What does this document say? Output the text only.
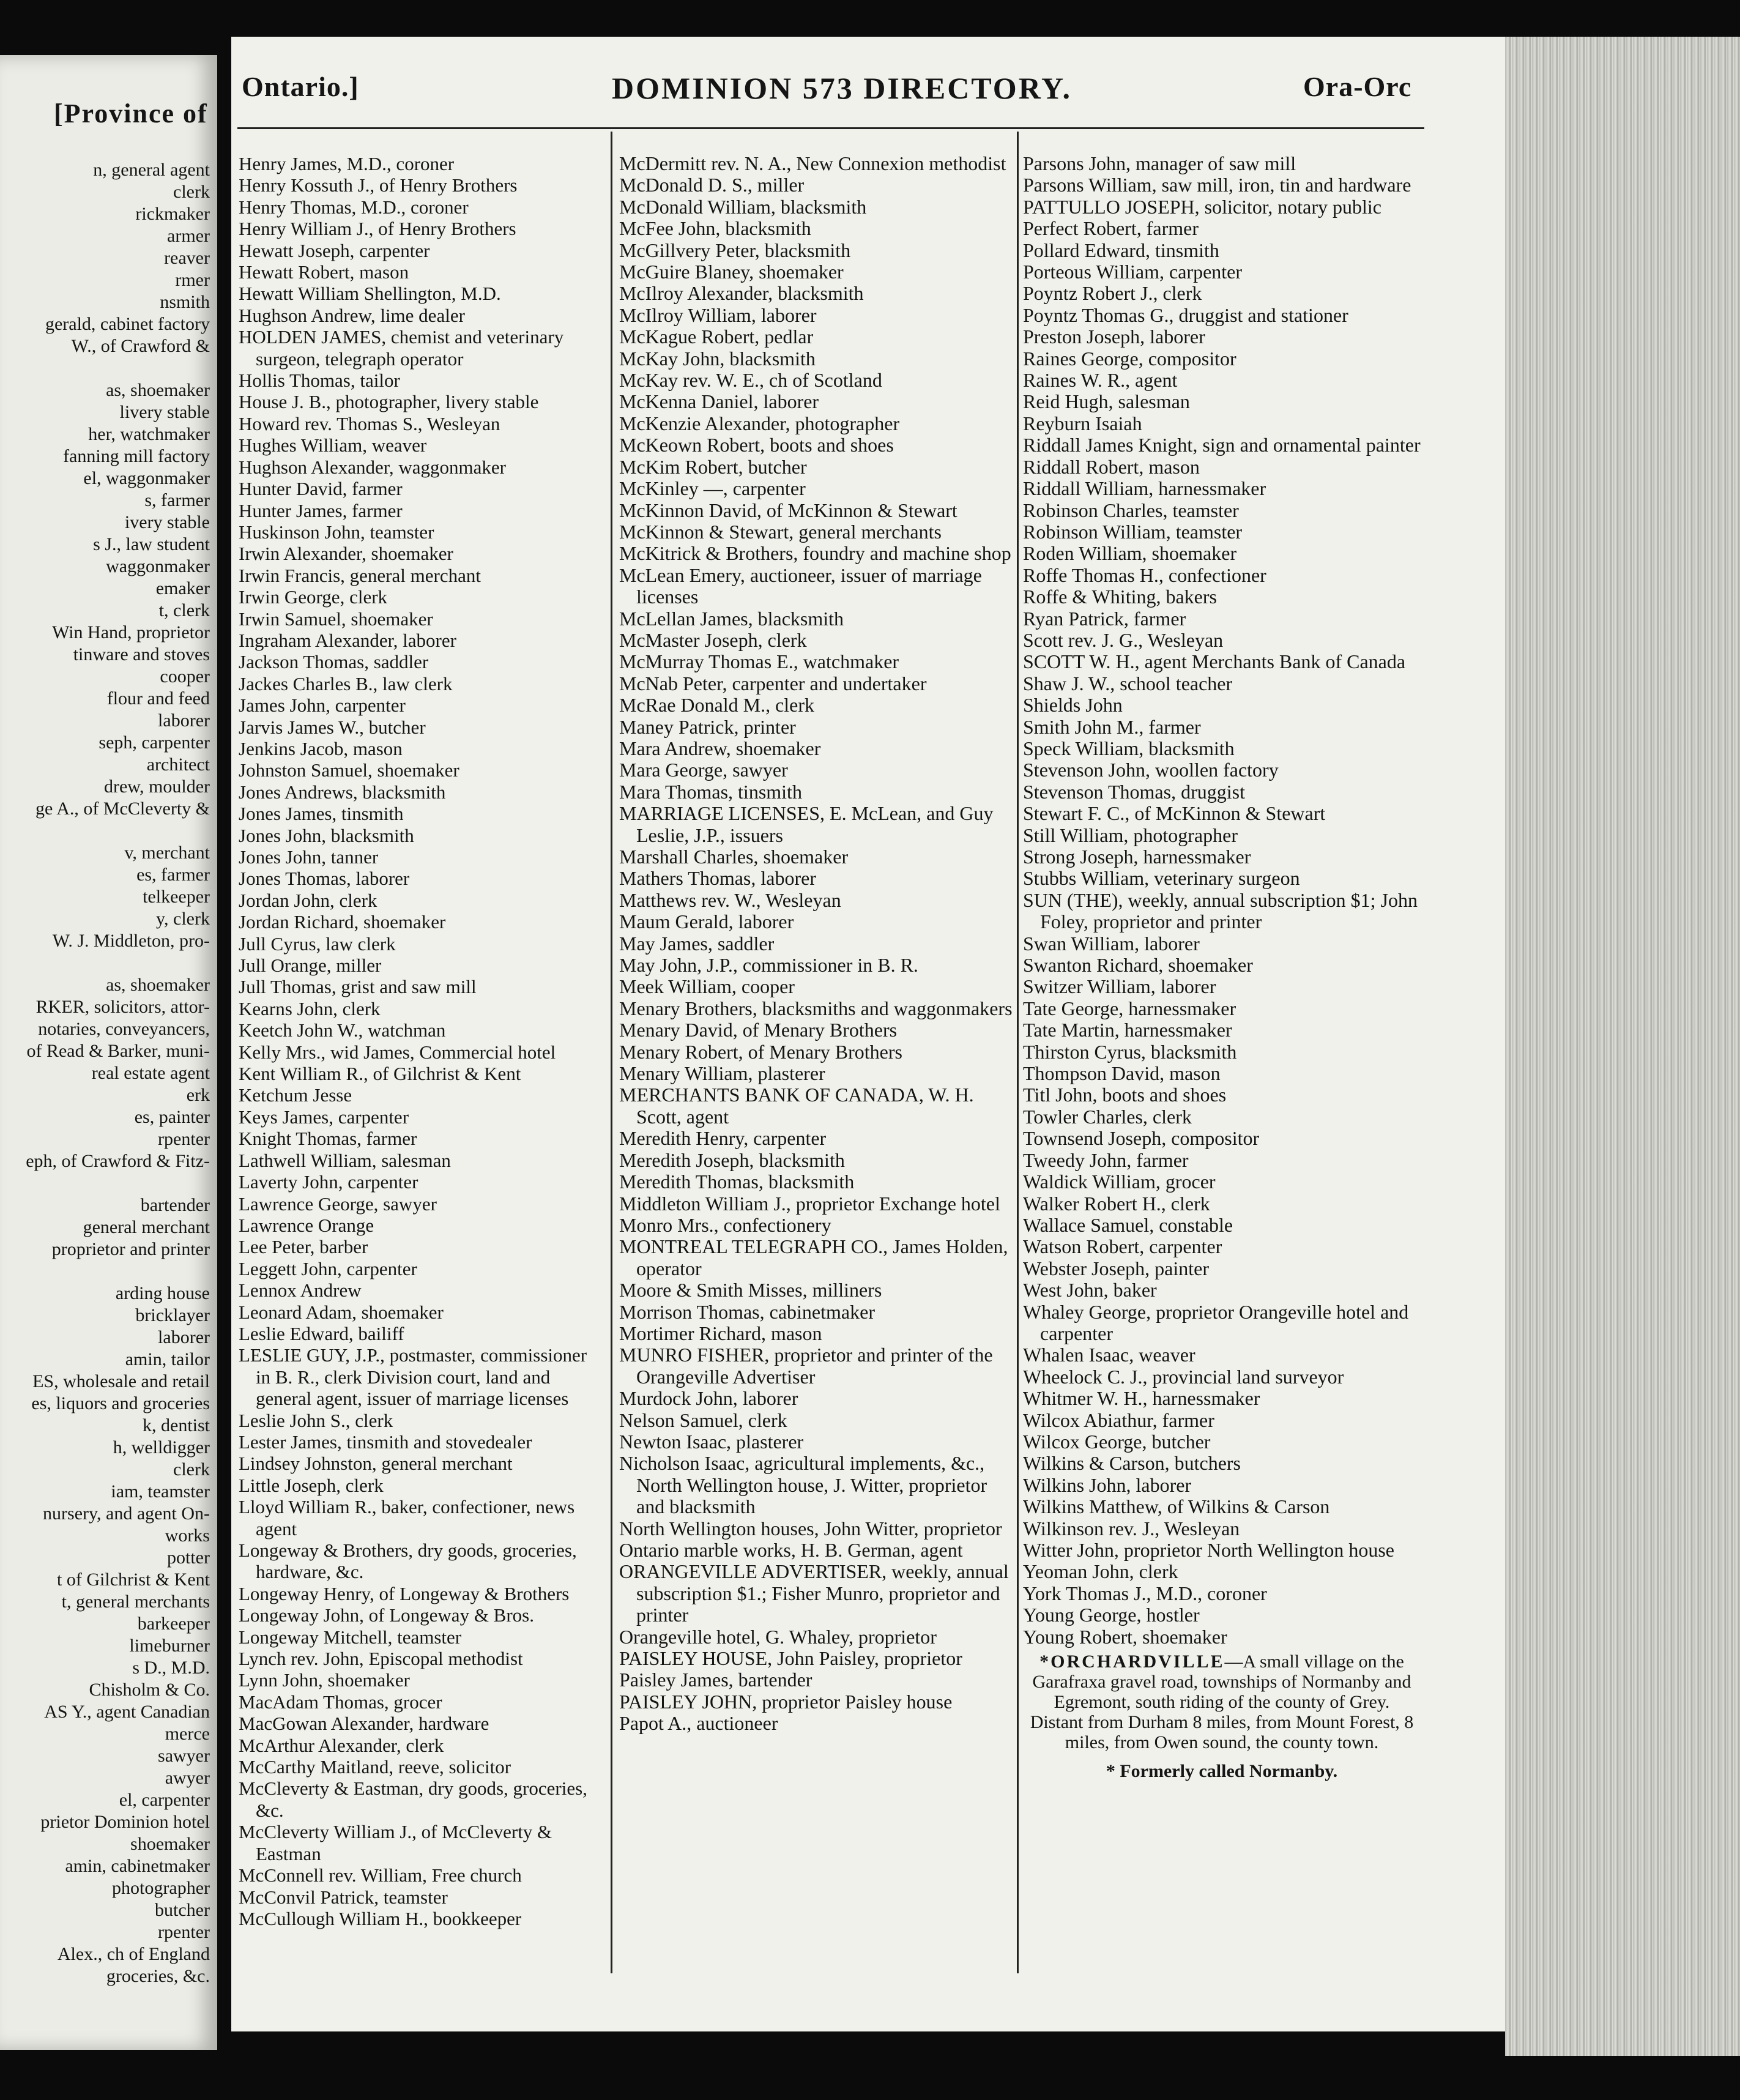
[Province of
n, general agent
clerk
rickmaker
armer
reaver
rmer
nsmith
gerald, cabinet factory
W., of Crawford &

as, shoemaker
livery stable
her, watchmaker
fanning mill factory
el, waggonmaker
s, farmer
ivery stable
s J., law student
waggonmaker
emaker
t, clerk
Win Hand, proprietor
tinware and stoves
cooper
flour and feed
laborer
seph, carpenter
architect
drew, moulder
ge A., of McCleverty &

v, merchant
es, farmer
telkeeper
y, clerk
W. J. Middleton, pro-

as, shoemaker
RKER, solicitors, attor-
notaries, conveyancers,
of Read & Barker, muni-
real estate agent
erk
es, painter
rpenter
eph, of Crawford & Fitz-

bartender
general merchant
proprietor and printer

arding house
bricklayer
laborer
amin, tailor
ES, wholesale and retail
es, liquors and groceries
k, dentist
h, welldigger
clerk
iam, teamster
nursery, and agent On-
works
potter
t of Gilchrist & Kent
t, general merchants
barkeeper
limeburner
s D., M.D.
Chisholm & Co.
AS Y., agent Canadian
merce
sawyer
awyer
el, carpenter
prietor Dominion hotel
shoemaker
amin, cabinetmaker
photographer
butcher
rpenter
Alex., ch of England
groceries, &c.
Ontario.]	DOMINION 573 DIRECTORY.	Ora-Orc
Henry James, M.D., coroner
Henry Kossuth J., of Henry Brothers
Henry Thomas, M.D., coroner
Henry William J., of Henry Brothers
Hewatt Joseph, carpenter
Hewatt Robert, mason
Hewatt William Shellington, M.D.
Hughson Andrew, lime dealer
HOLDEN JAMES, chemist and veterinary surgeon, telegraph operator
Hollis Thomas, tailor
House J. B., photographer, livery stable
Howard rev. Thomas S., Wesleyan
Hughes William, weaver
Hughson Alexander, waggonmaker
Hunter David, farmer
Hunter James, farmer
Huskinson John, teamster
Irwin Alexander, shoemaker
Irwin Francis, general merchant
Irwin George, clerk
Irwin Samuel, shoemaker
Ingraham Alexander, laborer
Jackson Thomas, saddler
Jackes Charles B., law clerk
James John, carpenter
Jarvis James W., butcher
Jenkins Jacob, mason
Johnston Samuel, shoemaker
Jones Andrews, blacksmith
Jones James, tinsmith
Jones John, blacksmith
Jones John, tanner
Jones Thomas, laborer
Jordan John, clerk
Jordan Richard, shoemaker
Jull Cyrus, law clerk
Jull Orange, miller
Jull Thomas, grist and saw mill
Kearns John, clerk
Keetch John W., watchman
Kelly Mrs., wid James, Commercial hotel
Kent William R., of Gilchrist & Kent
Ketchum Jesse
Keys James, carpenter
Knight Thomas, farmer
Lathwell William, salesman
Laverty John, carpenter
Lawrence George, sawyer
Lawrence Orange
Lee Peter, barber
Leggett John, carpenter
Lennox Andrew
Leonard Adam, shoemaker
Leslie Edward, bailiff
LESLIE GUY, J.P., postmaster, commissioner in B. R., clerk Division court, land and general agent, issuer of marriage licenses
Leslie John S., clerk
Lester James, tinsmith and stovedealer
Lindsey Johnston, general merchant
Little Joseph, clerk
Lloyd William R., baker, confectioner, news agent
Longeway & Brothers, dry goods, groceries, hardware, &c.
Longeway Henry, of Longeway & Brothers
Longeway John, of Longeway & Bros.
Longeway Mitchell, teamster
Lynch rev. John, Episcopal methodist
Lynn John, shoemaker
MacAdam Thomas, grocer
MacGowan Alexander, hardware
McArthur Alexander, clerk
McCarthy Maitland, reeve, solicitor
McCleverty & Eastman, dry goods, groceries, &c.
McCleverty William J., of McCleverty & Eastman
McConnell rev. William, Free church
McConvil Patrick, teamster
McCullough William H., bookkeeper
McDermitt rev. N. A., New Connexion methodist
McDonald D. S., miller
McDonald William, blacksmith
McFee John, blacksmith
McGillvery Peter, blacksmith
McGuire Blaney, shoemaker
McIlroy Alexander, blacksmith
McIlroy William, laborer
McKague Robert, pedlar
McKay John, blacksmith
McKay rev. W. E., ch of Scotland
McKenna Daniel, laborer
McKenzie Alexander, photographer
McKeown Robert, boots and shoes
McKim Robert, butcher
McKinley —, carpenter
McKinnon David, of McKinnon & Stewart
McKinnon & Stewart, general merchants
McKitrick & Brothers, foundry and machine shop
McLean Emery, auctioneer, issuer of marriage licenses
McLellan James, blacksmith
McMaster Joseph, clerk
McMurray Thomas E., watchmaker
McNab Peter, carpenter and undertaker
McRae Donald M., clerk
Maney Patrick, printer
Mara Andrew, shoemaker
Mara George, sawyer
Mara Thomas, tinsmith
MARRIAGE LICENSES, E. McLean, and Guy Leslie, J.P., issuers
Marshall Charles, shoemaker
Mathers Thomas, laborer
Matthews rev. W., Wesleyan
Maum Gerald, laborer
May James, saddler
May John, J.P., commissioner in B. R.
Meek William, cooper
Menary Brothers, blacksmiths and waggonmakers
Menary David, of Menary Brothers
Menary Robert, of Menary Brothers
Menary William, plasterer
MERCHANTS BANK OF CANADA, W. H. Scott, agent
Meredith Henry, carpenter
Meredith Joseph, blacksmith
Meredith Thomas, blacksmith
Middleton William J., proprietor Exchange hotel
Monro Mrs., confectionery
MONTREAL TELEGRAPH CO., James Holden, operator
Moore & Smith Misses, milliners
Morrison Thomas, cabinetmaker
Mortimer Richard, mason
MUNRO FISHER, proprietor and printer of the Orangeville Advertiser
Murdock John, laborer
Nelson Samuel, clerk
Newton Isaac, plasterer
Nicholson Isaac, agricultural implements, &c., North Wellington house, J. Witter, proprietor and blacksmith
North Wellington houses, John Witter, proprietor
Ontario marble works, H. B. German, agent
ORANGEVILLE ADVERTISER, weekly, annual subscription $1.; Fisher Munro, proprietor and printer
Orangeville hotel, G. Whaley, proprietor
PAISLEY HOUSE, John Paisley, proprietor
Paisley James, bartender
PAISLEY JOHN, proprietor Paisley house
Papot A., auctioneer
Parsons John, manager of saw mill
Parsons William, saw mill, iron, tin and hardware
PATTULLO JOSEPH, solicitor, notary public
Perfect Robert, farmer
Pollard Edward, tinsmith
Porteous William, carpenter
Poyntz Robert J., clerk
Poyntz Thomas G., druggist and stationer
Preston Joseph, laborer
Raines George, compositor
Raines W. R., agent
Reid Hugh, salesman
Reyburn Isaiah
Riddall James Knight, sign and ornamental painter
Riddall Robert, mason
Riddall William, harnessmaker
Robinson Charles, teamster
Robinson William, teamster
Roden William, shoemaker
Roffe Thomas H., confectioner
Roffe & Whiting, bakers
Ryan Patrick, farmer
Scott rev. J. G., Wesleyan
SCOTT W. H., agent Merchants Bank of Canada
Shaw J. W., school teacher
Shields John
Smith John M., farmer
Speck William, blacksmith
Stevenson John, woollen factory
Stevenson Thomas, druggist
Stewart F. C., of McKinnon & Stewart
Still William, photographer
Strong Joseph, harnessmaker
Stubbs William, veterinary surgeon
SUN (THE), weekly, annual subscription $1; John Foley, proprietor and printer
Swan William, laborer
Swanton Richard, shoemaker
Switzer William, laborer
Tate George, harnessmaker
Tate Martin, harnessmaker
Thirston Cyrus, blacksmith
Thompson David, mason
Titl John, boots and shoes
Towler Charles, clerk
Townsend Joseph, compositor
Tweedy John, farmer
Waldick William, grocer
Walker Robert H., clerk
Wallace Samuel, constable
Watson Robert, carpenter
Webster Joseph, painter
West John, baker
Whaley George, proprietor Orangeville hotel and carpenter
Whalen Isaac, weaver
Wheelock C. J., provincial land surveyor
Whitmer W. H., harnessmaker
Wilcox Abiathur, farmer
Wilcox George, butcher
Wilkins & Carson, butchers
Wilkins John, laborer
Wilkins Matthew, of Wilkins & Carson
Wilkinson rev. J., Wesleyan
Witter John, proprietor North Wellington house
Yeoman John, clerk
York Thomas J., M.D., coroner
Young George, hostler
Young Robert, shoemaker
*ORCHARDVILLE—A small village on the Garafraxa gravel road, townships of Normanby and Egremont, south riding of the county of Grey. Distant from Durham 8 miles, from Mount Forest, 8 miles, from Owen sound, the county town.
* Formerly called Normanby.
